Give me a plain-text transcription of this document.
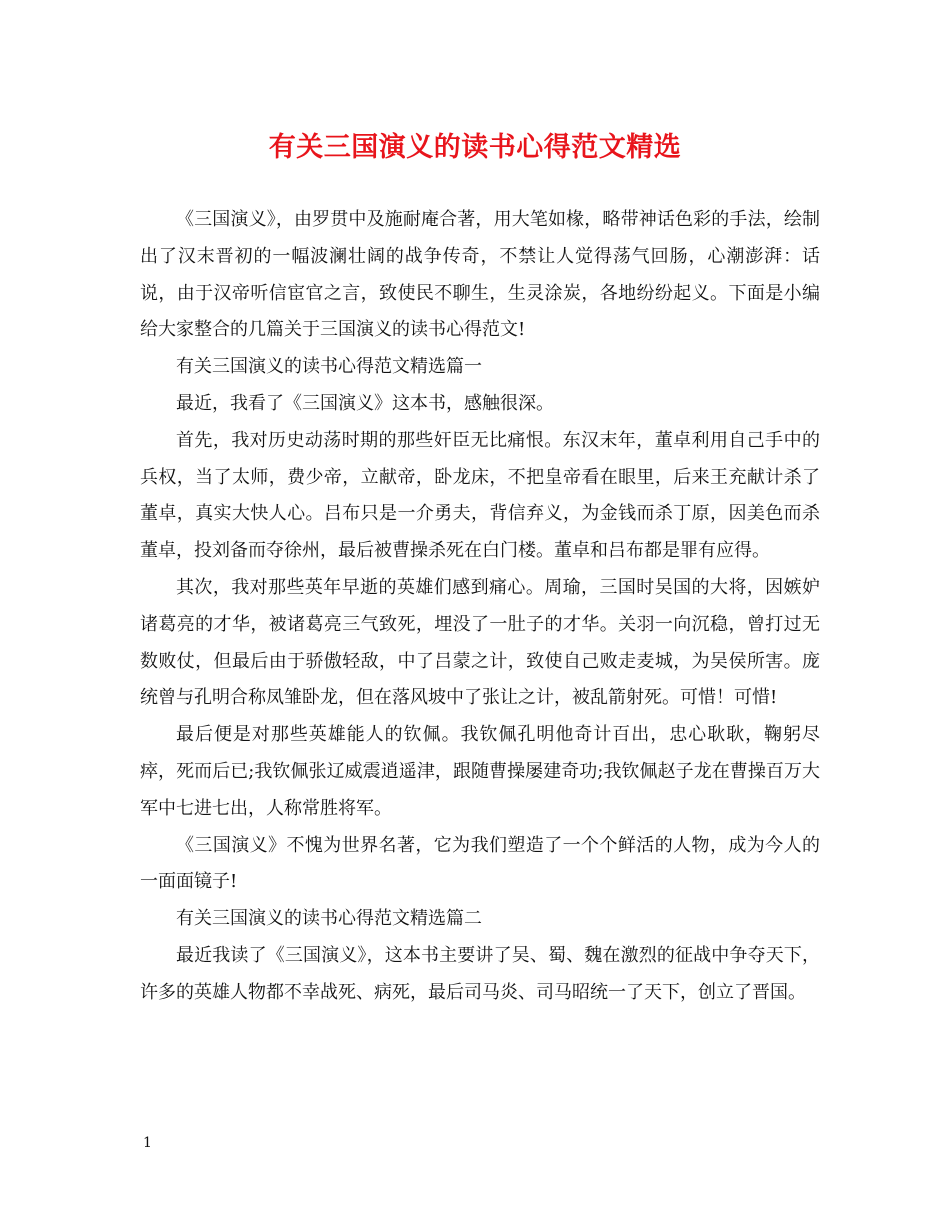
有关三国演义的读书心得范文精选

《三国演义》，由罗贯中及施耐庵合著，用大笔如椽，略带神话色彩的手法，绘制出了汉末晋初的一幅波澜壮阔的战争传奇，不禁让人觉得荡气回肠，心潮澎湃：话说，由于汉帝听信宦官之言，致使民不聊生，生灵涂炭，各地纷纷起义。下面是小编给大家整合的几篇关于三国演义的读书心得范文!

有关三国演义的读书心得范文精选篇一

最近，我看了《三国演义》这本书，感触很深。

首先，我对历史动荡时期的那些奸臣无比痛恨。东汉末年，董卓利用自己手中的兵权，当了太师，费少帝，立献帝，卧龙床，不把皇帝看在眼里，后来王充献计杀了董卓，真实大快人心。吕布只是一介勇夫，背信弃义，为金钱而杀丁原，因美色而杀董卓，投刘备而夺徐州，最后被曹操杀死在白门楼。董卓和吕布都是罪有应得。

其次，我对那些英年早逝的英雄们感到痛心。周瑜，三国时吴国的大将，因嫉妒诸葛亮的才华，被诸葛亮三气致死，埋没了一肚子的才华。关羽一向沉稳，曾打过无数败仗，但最后由于骄傲轻敌，中了吕蒙之计，致使自己败走麦城，为吴侯所害。庞统曾与孔明合称凤雏卧龙，但在落风坡中了张让之计，被乱箭射死。可惜！可惜!

最后便是对那些英雄能人的钦佩。我钦佩孔明他奇计百出，忠心耿耿，鞠躬尽瘁，死而后已;我钦佩张辽威震逍遥津，跟随曹操屡建奇功;我钦佩赵子龙在曹操百万大军中七进七出，人称常胜将军。

《三国演义》不愧为世界名著，它为我们塑造了一个个鲜活的人物，成为今人的一面面镜子!

有关三国演义的读书心得范文精选篇二

最近我读了《三国演义》，这本书主要讲了吴、蜀、魏在激烈的征战中争夺天下，许多的英雄人物都不幸战死、病死，最后司马炎、司马昭统一了天下，创立了晋国。

1
